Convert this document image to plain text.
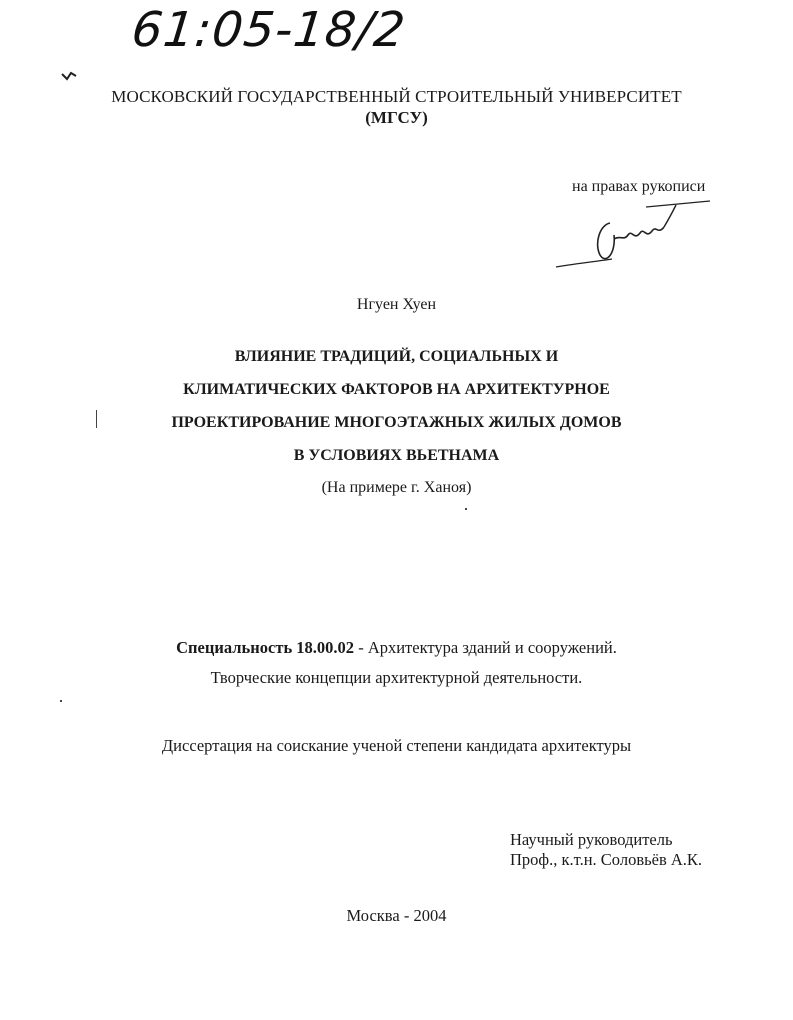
61:05-18/2
МОСКОВСКИЙ ГОСУДАРСТВЕННЫЙ СТРОИТЕЛЬНЫЙ УНИВЕРСИТЕТ
(МГСУ)
на правах рукописи
Нгуен Хуен
ВЛИЯНИЕ ТРАДИЦИЙ, СОЦИАЛЬНЫХ И
КЛИМАТИЧЕСКИХ ФАКТОРОВ НА АРХИТЕКТУРНОЕ
ПРОЕКТИРОВАНИЕ МНОГОЭТАЖНЫХ ЖИЛЫХ ДОМОВ
В УСЛОВИЯХ ВЬЕТНАМА
(На примере г. Ханоя)
Специальность 18.00.02 - Архитектура зданий и сооружений.
Творческие концепции архитектурной деятельности.
Диссертация на соискание ученой степени кандидата архитектуры
Научный руководитель
Проф., к.т.н. Соловьёв А.К.
Москва - 2004
